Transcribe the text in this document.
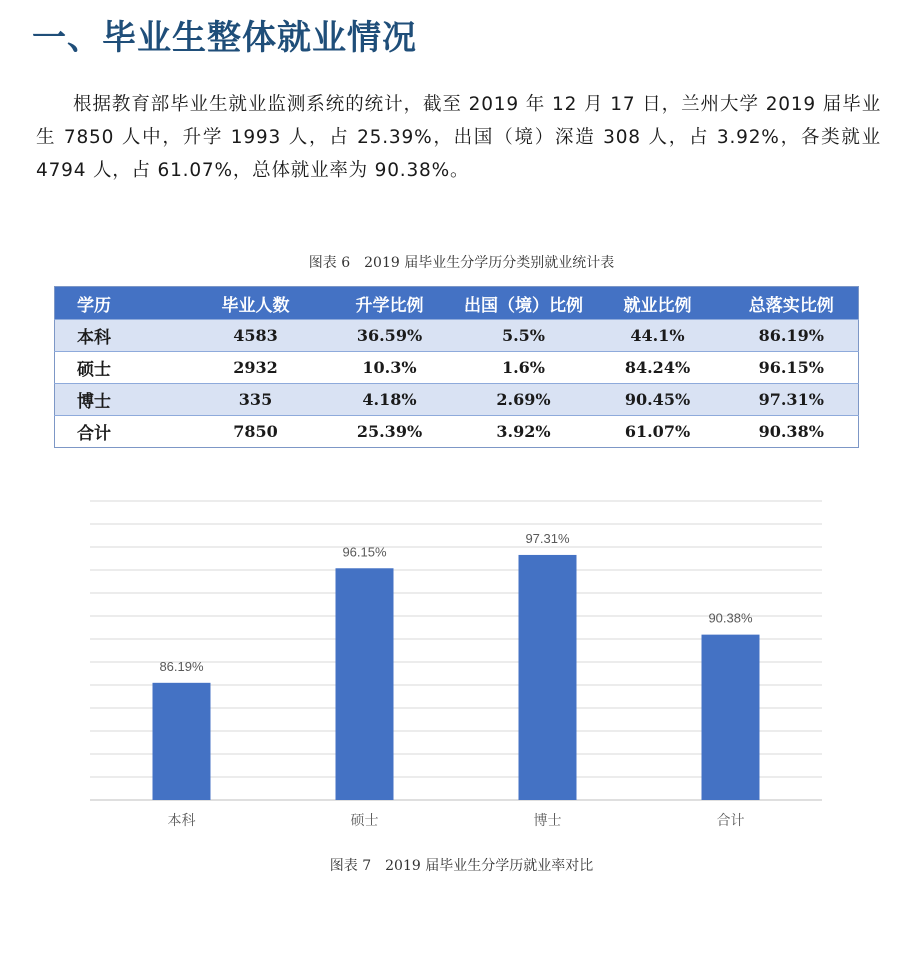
一、毕业生整体就业情况
根据教育部毕业生就业监测系统的统计，截至 2019 年 12 月 17 日，兰州大学 2019 届毕业生 7850 人中，升学 1993 人，占 25.39%，出国（境）深造 308 人，占 3.92%，各类就业 4794 人，占 61.07%，总体就业率为 90.38%。
图表 6　2019 届毕业生分学历分类别就业统计表
学历	毕业人数	升学比例	出国（境）比例	就业比例	总落实比例
本科	4583	36.59%	5.5%	44.1%	86.19%
硕士	2932	10.3%	1.6%	84.24%	96.15%
博士	335	4.18%	2.69%	90.45%	97.31%
合计	7850	25.39%	3.92%	61.07%	90.38%
86.19%
本科
96.15%
硕士
97.31%
博士
90.38%
合计
图表 7　2019 届毕业生分学历就业率对比
